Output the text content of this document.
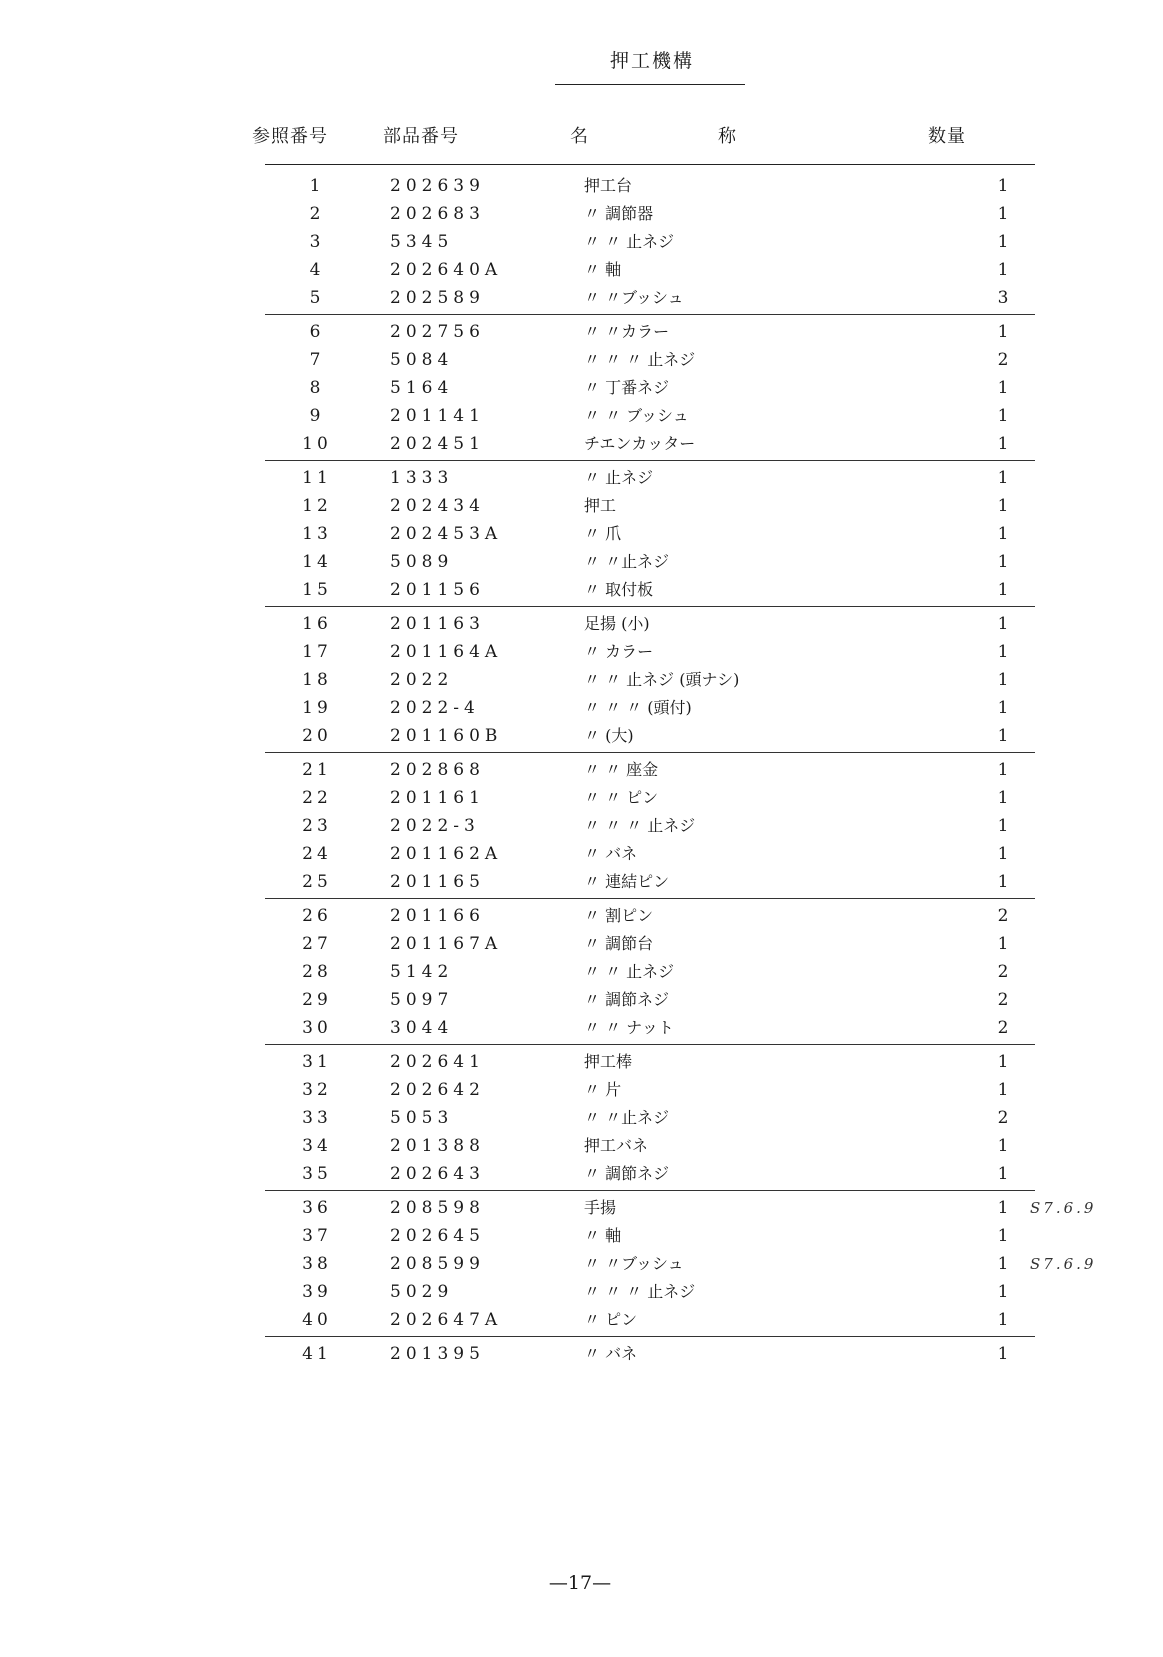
押工機構
参照番号	部品番号	名	称	数量
1	202639	押工台	1
2	202683	〃 調節器	1
3	5345	〃 〃 止ネジ	1
4	202640A	〃 軸	1
5	202589	〃 〃ブッシュ	3
6	202756	〃 〃カラー	1
7	5084	〃 〃 〃 止ネジ	2
8	5164	〃 丁番ネジ	1
9	201141	〃 〃 ブッシュ	1
10	202451	チエンカッター	1
11	1333	〃 止ネジ	1
12	202434	押工	1
13	202453A	〃 爪	1
14	5089	〃 〃止ネジ	1
15	201156	〃 取付板	1
16	201163	足揚 (小)	1
17	201164A	〃 カラー	1
18	2022	〃 〃 止ネジ (頭ナシ)	1
19	2022-4	〃 〃 〃 (頭付)	1
20	201160B	〃 (大)	1
21	202868	〃 〃 座金	1
22	201161	〃 〃 ピン	1
23	2022-3	〃 〃 〃 止ネジ	1
24	201162A	〃 バネ	1
25	201165	〃 連結ピン	1
26	201166	〃 割ピン	2
27	201167A	〃 調節台	1
28	5142	〃 〃 止ネジ	2
29	5097	〃 調節ネジ	2
30	3044	〃 〃 ナット	2
31	202641	押工棒	1
32	202642	〃 片	1
33	5053	〃 〃止ネジ	2
34	201388	押工バネ	1
35	202643	〃 調節ネジ	1
36	208598	手揚	1	S7.6.9
37	202645	〃 軸	1
38	208599	〃 〃ブッシュ	1	S7.6.9
39	5029	〃 〃 〃 止ネジ	1
40	202647A	〃 ピン	1
41	201395	〃 バネ	1
—17—
